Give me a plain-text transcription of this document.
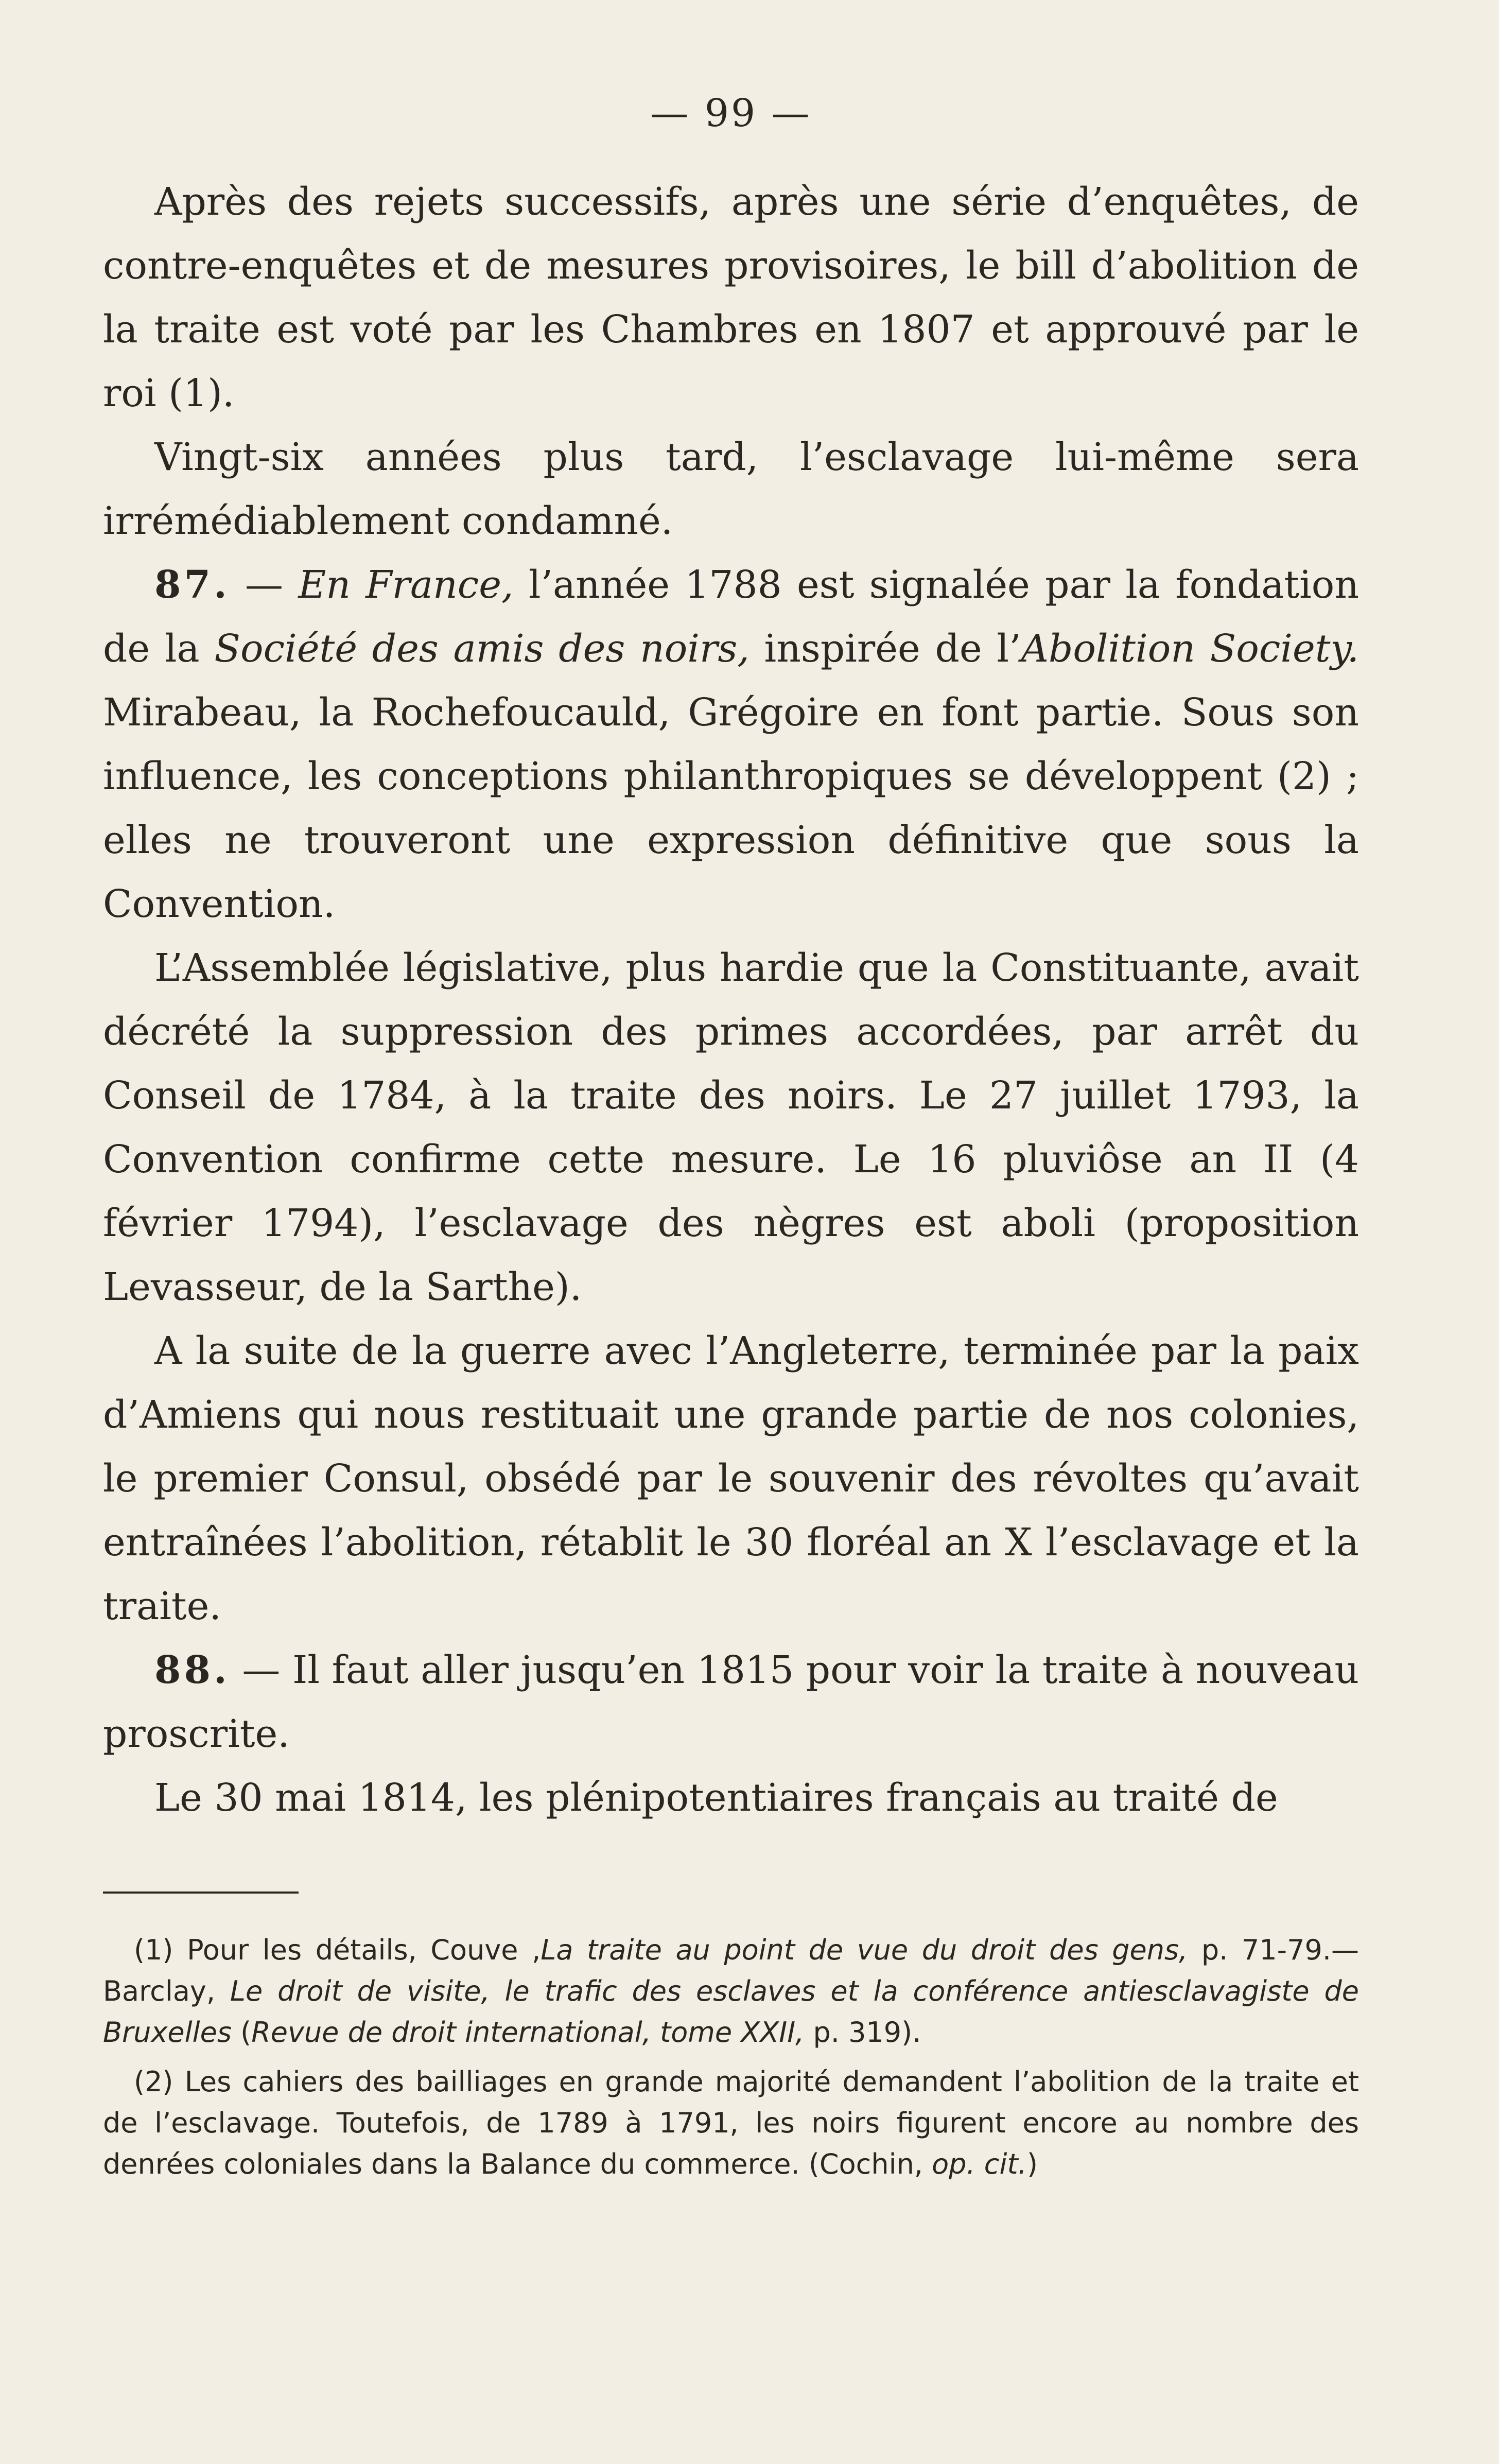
— 99 —

Après des rejets successifs, après une série d’enquêtes, de contre-enquêtes et de mesures provisoires, le bill d’abolition de la traite est voté par les Chambres en 1807 et approuvé par le roi (1).

Vingt-six années plus tard, l’esclavage lui-même sera irrémédiablement condamné.

87. — En France, l’année 1788 est signalée par la fondation de la Société des amis des noirs, inspirée de l’Abolition Society. Mirabeau, la Rochefoucauld, Grégoire en font partie. Sous son influence, les conceptions philanthropiques se développent (2) ; elles ne trouveront une expression définitive que sous la Convention.

L’Assemblée législative, plus hardie que la Constituante, avait décrété la suppression des primes accordées, par arrêt du Conseil de 1784, à la traite des noirs. Le 27 juillet 1793, la Convention confirme cette mesure. Le 16 pluviôse an II (4 février 1794), l’esclavage des nègres est aboli (proposition Levasseur, de la Sarthe).

A la suite de la guerre avec l’Angleterre, terminée par la paix d’Amiens qui nous restituait une grande partie de nos colonies, le premier Consul, obsédé par le souvenir des révoltes qu’avait entraînées l’abolition, rétablit le 30 floréal an X l’esclavage et la traite.

88. — Il faut aller jusqu’en 1815 pour voir la traite à nouveau proscrite.

Le 30 mai 1814, les plénipotentiaires français au traité de

(1) Pour les détails, Couve ,La traite au point de vue du droit des gens, p. 71-79.— Barclay, Le droit de visite, le trafic des esclaves et la conférence antiesclavagiste de Bruxelles (Revue de droit international, tome XXII, p. 319).

(2) Les cahiers des bailliages en grande majorité demandent l’abolition de la traite et de l’esclavage. Toutefois, de 1789 à 1791, les noirs figurent encore au nombre des denrées coloniales dans la Balance du commerce. (Cochin, op. cit.)
